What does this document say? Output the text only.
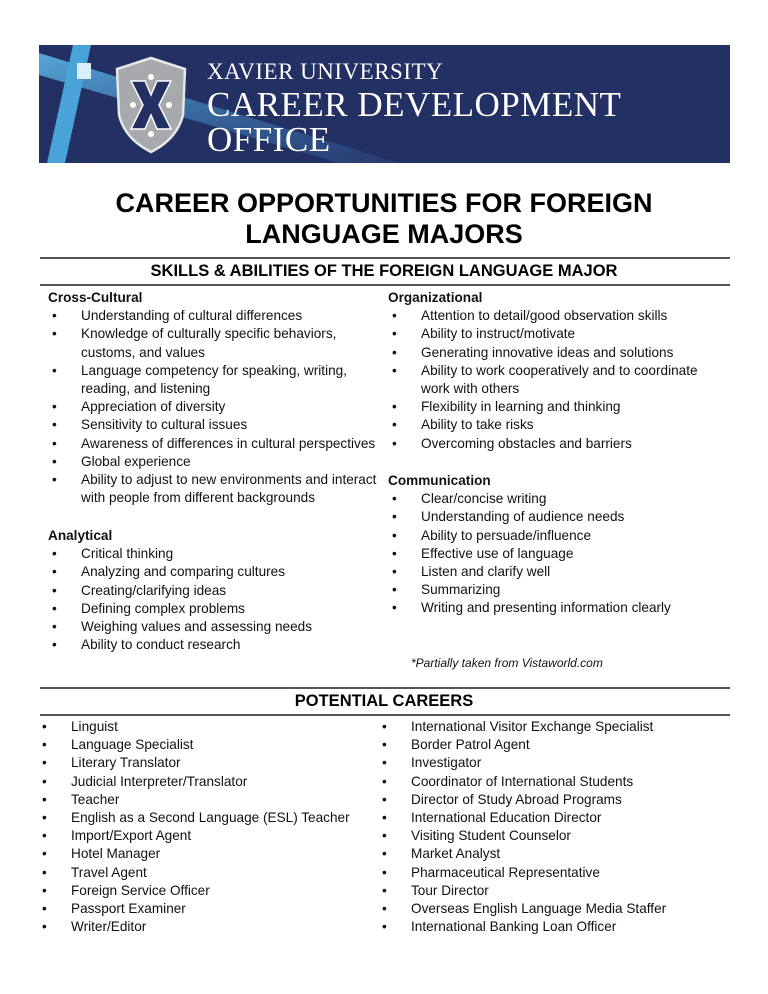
XAVIER UNIVERSITY
CAREER DEVELOPMENT
OFFICE
CAREER OPPORTUNITIES FOR FOREIGN
LANGUAGE MAJORS
SKILLS & ABILITIES OF THE FOREIGN LANGUAGE MAJOR
Cross-Cultural
• Understanding of cultural differences
• Knowledge of culturally specific behaviors, customs, and values
• Language competency for speaking, writing, reading, and listening
• Appreciation of diversity
• Sensitivity to cultural issues
• Awareness of differences in cultural perspectives
• Global experience
• Ability to adjust to new environments and interact with people from different backgrounds
Analytical
• Critical thinking
• Analyzing and comparing cultures
• Creating/clarifying ideas
• Defining complex problems
• Weighing values and assessing needs
• Ability to conduct research
Organizational
• Attention to detail/good observation skills
• Ability to instruct/motivate
• Generating innovative ideas and solutions
• Ability to work cooperatively and to coordinate work with others
• Flexibility in learning and thinking
• Ability to take risks
• Overcoming obstacles and barriers
Communication
• Clear/concise writing
• Understanding of audience needs
• Ability to persuade/influence
• Effective use of language
• Listen and clarify well
• Summarizing
• Writing and presenting information clearly
*Partially taken from Vistaworld.com
POTENTIAL CAREERS
• Linguist
• Language Specialist
• Literary Translator
• Judicial Interpreter/Translator
• Teacher
• English as a Second Language (ESL) Teacher
• Import/Export Agent
• Hotel Manager
• Travel Agent
• Foreign Service Officer
• Passport Examiner
• Writer/Editor
• International Visitor Exchange Specialist
• Border Patrol Agent
• Investigator
• Coordinator of International Students
• Director of Study Abroad Programs
• International Education Director
• Visiting Student Counselor
• Market Analyst
• Pharmaceutical Representative
• Tour Director
• Overseas English Language Media Staffer
• International Banking Loan Officer
